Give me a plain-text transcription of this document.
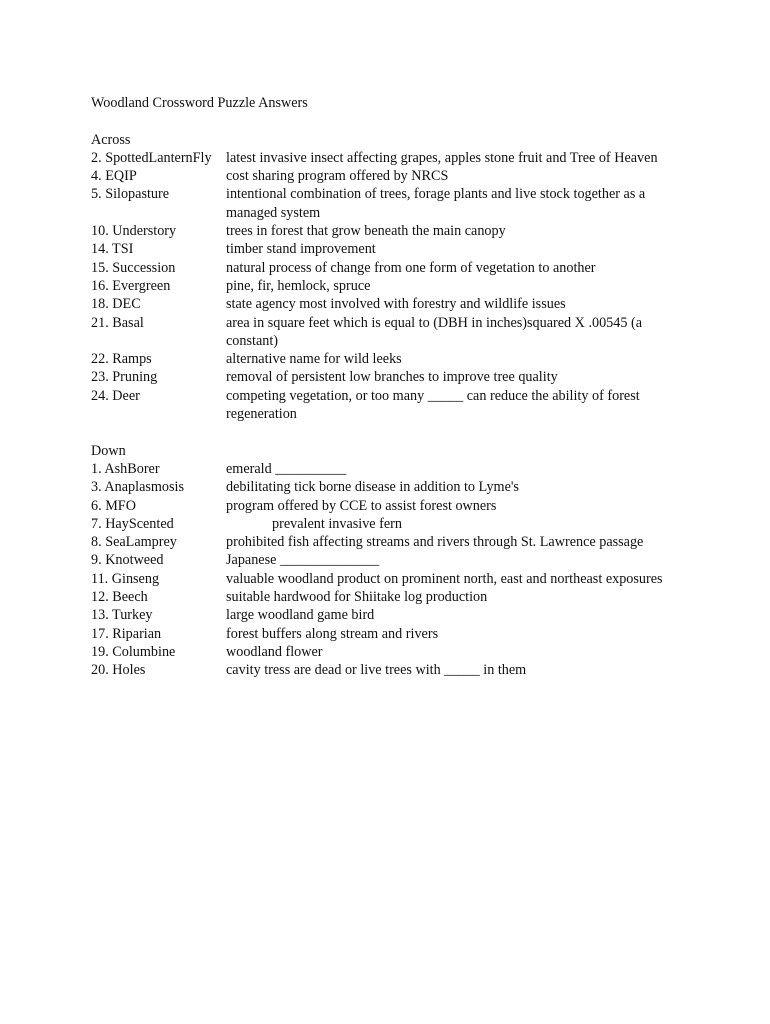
Woodland Crossword Puzzle Answers
Across
2. SpottedLanternFly	latest invasive insect affecting grapes, apples stone fruit and Tree of Heaven
4. EQIP	cost sharing program offered by NRCS
5. Silopasture	intentional combination of trees, forage plants and live stock together as a managed system
10. Understory	trees in forest that grow beneath the main canopy
14. TSI	timber stand improvement
15. Succession	natural process of change from one form of vegetation to another
16. Evergreen	pine, fir, hemlock, spruce
18. DEC	state agency most involved with forestry and wildlife issues
21. Basal	area in square feet which is equal to (DBH in inches)squared X .00545 (a constant)
22. Ramps	alternative name for wild leeks
23. Pruning	removal of persistent low branches to improve tree quality
24. Deer	competing vegetation, or too many _____ can reduce the ability of forest regeneration
Down
1. AshBorer	emerald __________
3. Anaplasmosis	debilitating tick borne disease in addition to Lyme's
6. MFO	program offered by CCE to assist forest owners
7. HayScented	prevalent invasive fern
8. SeaLamprey	prohibited fish affecting streams and rivers through St. Lawrence passage
9. Knotweed	Japanese ______________
11. Ginseng	valuable woodland product on prominent north, east and northeast exposures
12. Beech	suitable hardwood for Shiitake log production
13. Turkey	large woodland game bird
17. Riparian	forest buffers along stream and rivers
19. Columbine	woodland flower
20. Holes	cavity tress are dead or live trees with _____ in them
